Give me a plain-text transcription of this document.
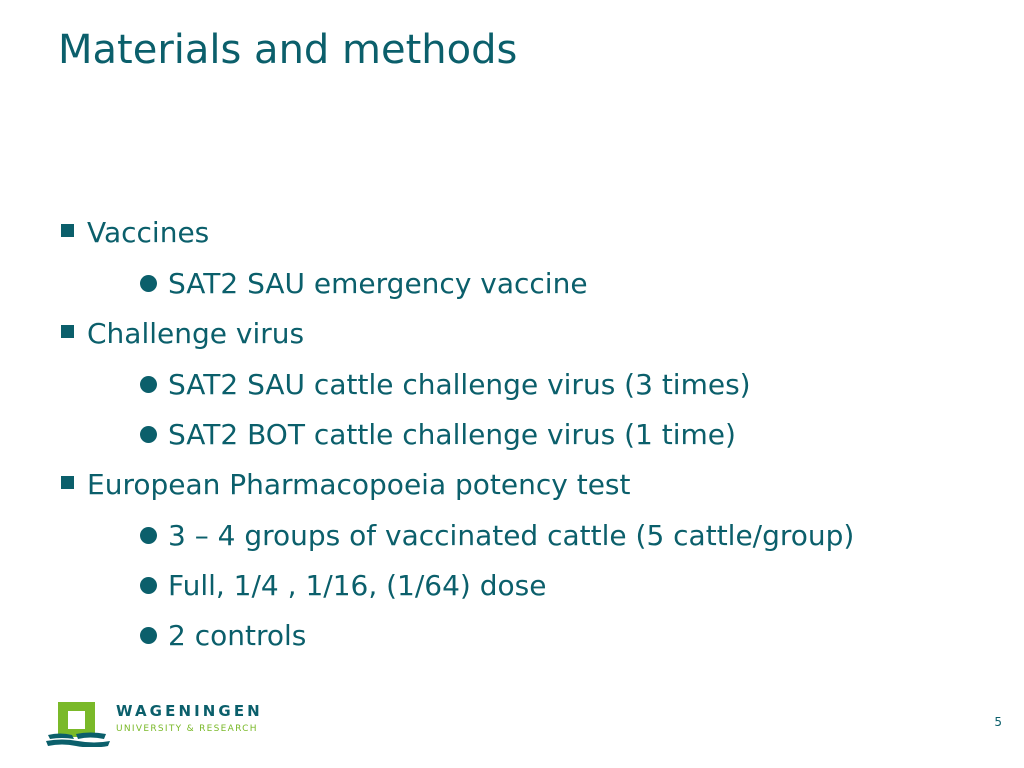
Materials and methods
Vaccines
SAT2 SAU emergency vaccine
Challenge virus
SAT2 SAU cattle challenge virus (3 times)
SAT2 BOT cattle challenge virus (1 time)
European Pharmacopoeia potency test
3 – 4 groups of vaccinated cattle (5 cattle/group)
Full, 1/4 , 1/16, (1/64) dose
2 controls
WAGENINGEN
UNIVERSITY & RESEARCH	5
